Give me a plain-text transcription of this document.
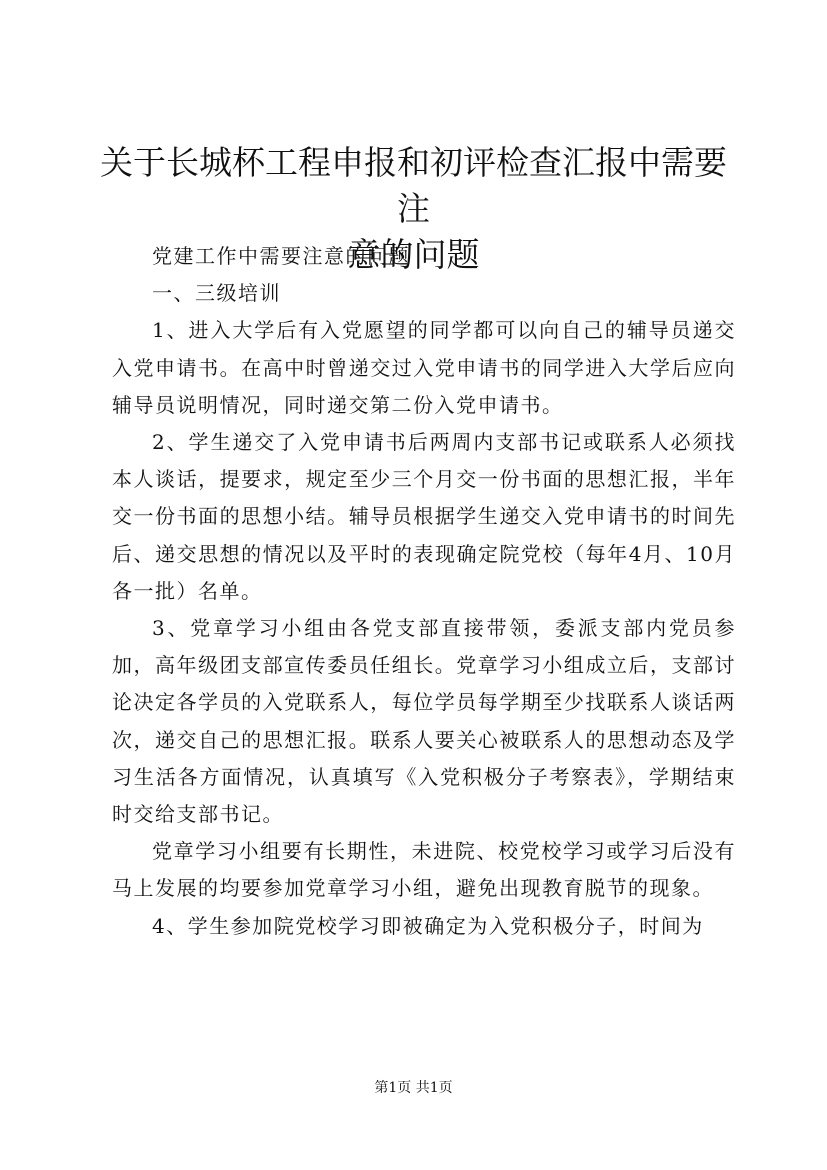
关于长城杯工程申报和初评检查汇报中需要注
意的问题

党建工作中需要注意的问题

一、三级培训

1、进入大学后有入党愿望的同学都可以向自己的辅导员递交入党申请书。在高中时曾递交过入党申请书的同学进入大学后应向辅导员说明情况，同时递交第二份入党申请书。

2、学生递交了入党申请书后两周内支部书记或联系人必须找本人谈话，提要求，规定至少三个月交一份书面的思想汇报，半年交一份书面的思想小结。辅导员根据学生递交入党申请书的时间先后、递交思想的情况以及平时的表现确定院党校（每年4月、10月各一批）名单。

3、党章学习小组由各党支部直接带领，委派支部内党员参加，高年级团支部宣传委员任组长。党章学习小组成立后，支部讨论决定各学员的入党联系人，每位学员每学期至少找联系人谈话两次，递交自己的思想汇报。联系人要关心被联系人的思想动态及学习生活各方面情况，认真填写《入党积极分子考察表》，学期结束时交给支部书记。

党章学习小组要有长期性，未进院、校党校学习或学习后没有马上发展的均要参加党章学习小组，避免出现教育脱节的现象。

4、学生参加院党校学习即被确定为入党积极分子，时间为

第1页 共1页
